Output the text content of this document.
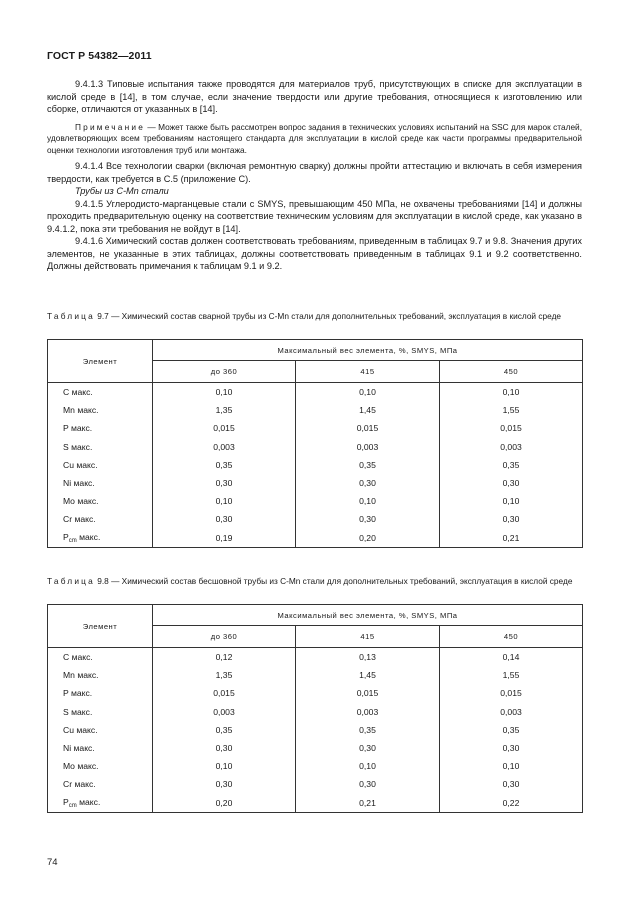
ГОСТ Р 54382—2011

9.4.1.3 Типовые испытания также проводятся для материалов труб, присутствующих в списке для эксплуатации в кислой среде в [14], в том случае, если значение твердости или другие требования, относящиеся к изготовлению или сборке, отличаются от указанных в [14].

Примечание — Может также быть рассмотрен вопрос задания в технических условиях испытаний на SSC для марок сталей, удовлетворяющих всем требованиям настоящего стандарта для эксплуатации в кислой среде как части программы предварительной оценки технологии изготовления труб или монтажа.

9.4.1.4 Все технологии сварки (включая ремонтную сварку) должны пройти аттестацию и включать в себя измерения твердости, как требуется в С.5 (приложение С).

Трубы из C-Mn стали

9.4.1.5 Углеродисто-марганцевые стали с SMYS, превышающим 450 МПа, не охвачены требованиями [14] и должны проходить предварительную оценку на соответствие техническим условиям для эксплуатации в кислой среде, как указано в 9.4.1.2, пока эти требования не войдут в [14].

9.4.1.6 Химический состав должен соответствовать требованиям, приведенным в таблицах 9.7 и 9.8. Значения других элементов, не указанные в этих таблицах, должны соответствовать приведенным в таблицах 9.1 и 9.2 соответственно. Должны действовать примечания к таблицам 9.1 и 9.2.

Таблица 9.7 — Химический состав сварной трубы из C-Mn стали для дополнительных требований, эксплуатация в кислой среде
Элемент	Максимальный вес элемента, %, SMYS, МПа		
	до 360	415	450
C макс.	0,10	0,10	0,10
Mn макс.	1,35	1,45	1,55
P макс.	0,015	0,015	0,015
S макс.	0,003	0,003	0,003
Cu макс.	0,35	0,35	0,35
Ni макс.	0,30	0,30	0,30
Mo макс.	0,10	0,10	0,10
Cr макс.	0,30	0,30	0,30
$P_{cm}$ макс.	0,19	0,20	0,21
Таблица 9.8 — Химический состав бесшовной трубы из C-Mn стали для дополнительных требований, эксплуатация в кислой среде
Элемент	Максимальный вес элемента, %, SMYS, МПа		
	до 360	415	450
C макс.	0,12	0,13	0,14
Mn макс.	1,35	1,45	1,55
P макс.	0,015	0,015	0,015
S макс.	0,003	0,003	0,003
Cu макс.	0,35	0,35	0,35
Ni макс.	0,30	0,30	0,30
Mo макс.	0,10	0,10	0,10
Cr макс.	0,30	0,30	0,30
$P_{cm}$ макс.	0,20	0,21	0,22
74
